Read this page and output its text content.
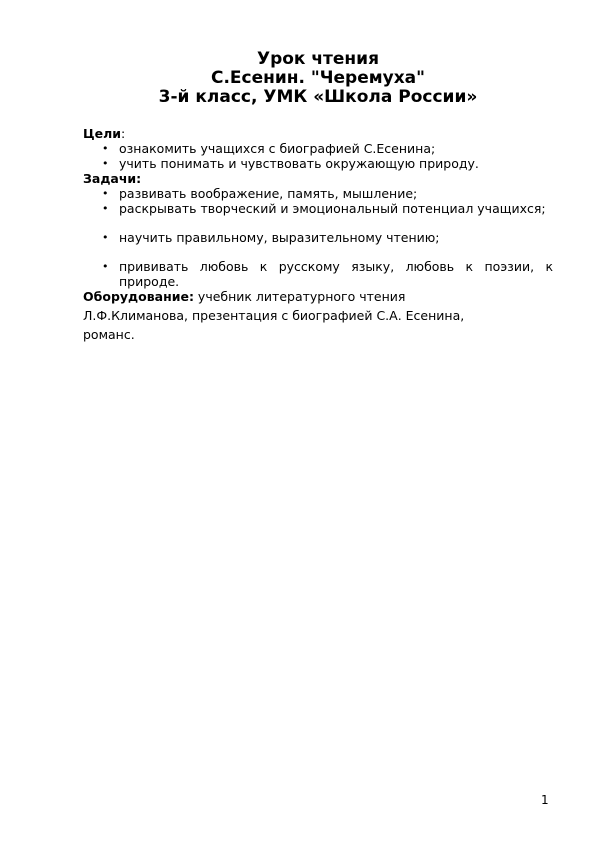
Урок чтения
С.Есенин. "Черемуха"
3-й класс, УМК «Школа России»
Цели:
• ознакомить учащихся с биографией С.Есенина;
• учить понимать и чувствовать окружающую природу.
Задачи:
• развивать воображение, память, мышление;
• раскрывать творческий и эмоциональный потенциал учащихся;
• научить правильному, выразительному чтению;
• прививать любовь к русскому языку, любовь к поэзии, к природе.
Оборудование: учебник литературного чтения
Л.Ф.Климанова, презентация с биографией С.А. Есенина,
романс.
1
